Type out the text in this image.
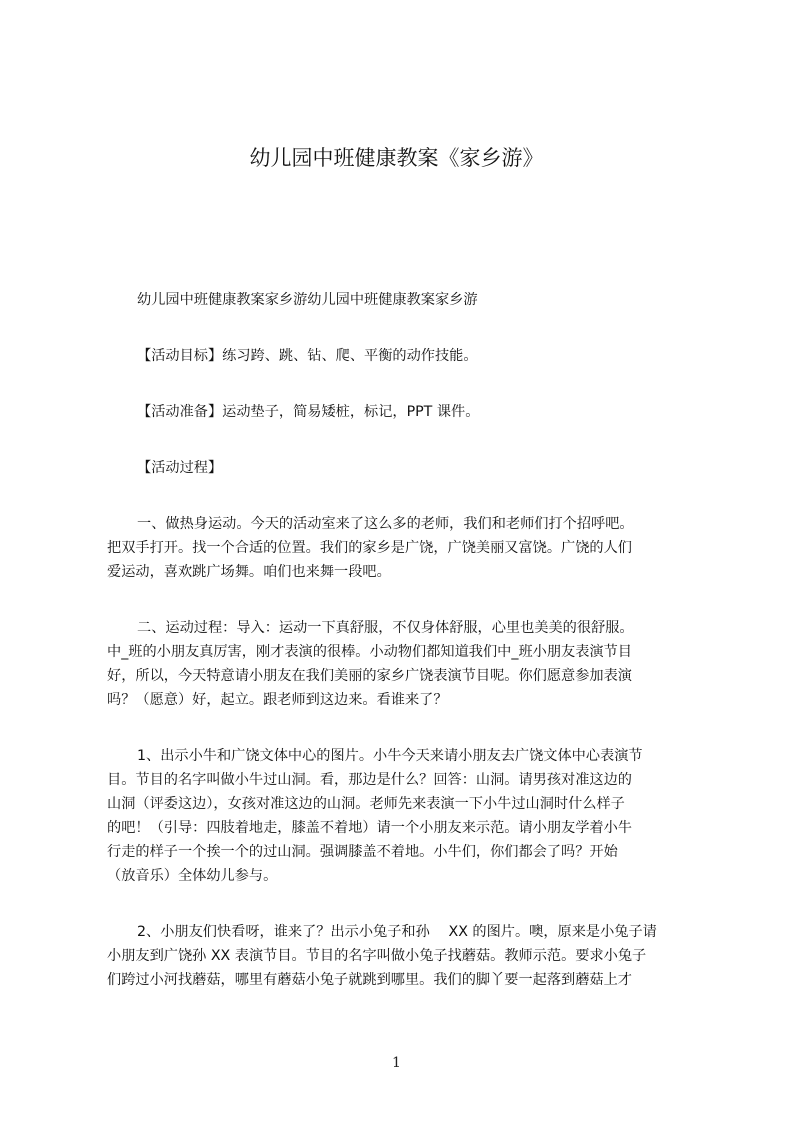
幼儿园中班健康教案《家乡游》
幼儿园中班健康教案家乡游幼儿园中班健康教案家乡游
【活动目标】练习跨、跳、钻、爬、平衡的动作技能。
【活动准备】运动垫子，简易矮桩，标记，PPT 课件。
【活动过程】
一、做热身运动。今天的活动室来了这么多的老师，我们和老师们打个招呼吧。
把双手打开。找一个合适的位置。我们的家乡是广饶，广饶美丽又富饶。广饶的人们
爱运动，喜欢跳广场舞。咱们也来舞一段吧。
二、运动过程：导入：运动一下真舒服，不仅身体舒服，心里也美美的很舒服。
中_班的小朋友真厉害，刚才表演的很棒。小动物们都知道我们中_班小朋友表演节目
好，所以，今天特意请小朋友在我们美丽的家乡广饶表演节目呢。你们愿意参加表演
吗？（愿意）好，起立。跟老师到这边来。看谁来了？
1、出示小牛和广饶文体中心的图片。小牛今天来请小朋友去广饶文体中心表演节
目。节目的名字叫做小牛过山洞。看，那边是什么？回答：山洞。请男孩对准这边的
山洞（评委这边），女孩对准这边的山洞。老师先来表演一下小牛过山洞时什么样子
的吧！（引导：四肢着地走，膝盖不着地）请一个小朋友来示范。请小朋友学着小牛
行走的样子一个挨一个的过山洞。强调膝盖不着地。小牛们，你们都会了吗？开始
（放音乐）全体幼儿参与。
2、小朋友们快看呀，谁来了？出示小兔子和孙　 XX 的图片。噢，原来是小兔子请
小朋友到广饶孙 XX 表演节目。节目的名字叫做小兔子找蘑菇。教师示范。要求小兔子
们跨过小河找蘑菇，哪里有蘑菇小兔子就跳到哪里。我们的脚丫要一起落到蘑菇上才
1
